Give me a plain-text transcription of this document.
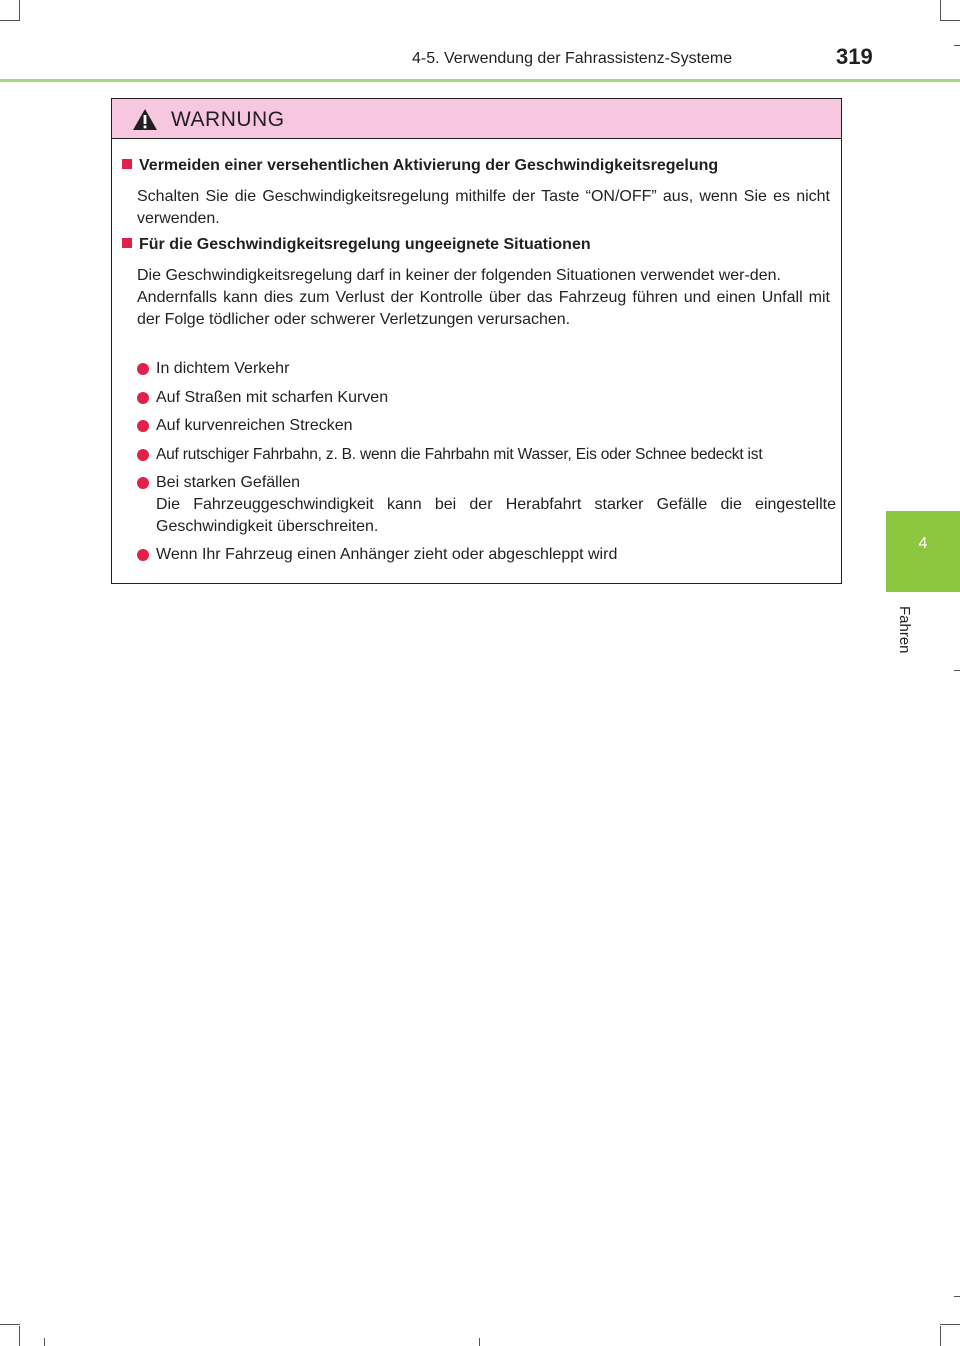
4-5. Verwendung der Fahrassistenz-Systeme	319
4
Fahren
WARNUNG
Vermeiden einer versehentlichen Aktivierung der Geschwindigkeitsregelung

Schalten Sie die Geschwindigkeitsregelung mithilfe der Taste “ON/OFF” aus, wenn Sie es nicht verwenden.

Für die Geschwindigkeitsregelung ungeeignete Situationen

Die Geschwindigkeitsregelung darf in keiner der folgenden Situationen verwendet wer-den.

Andernfalls kann dies zum Verlust der Kontrolle über das Fahrzeug führen und einen Unfall mit der Folge tödlicher oder schwerer Verletzungen verursachen.

In dichtem Verkehr

Auf Straßen mit scharfen Kurven

Auf kurvenreichen Strecken

Auf rutschiger Fahrbahn, z. B. wenn die Fahrbahn mit Wasser, Eis oder Schnee bedeckt ist

Bei starken Gefällen

Die Fahrzeuggeschwindigkeit kann bei der Herabfahrt starker Gefälle die eingestellte Geschwindigkeit überschreiten.

Wenn Ihr Fahrzeug einen Anhänger zieht oder abgeschleppt wird
